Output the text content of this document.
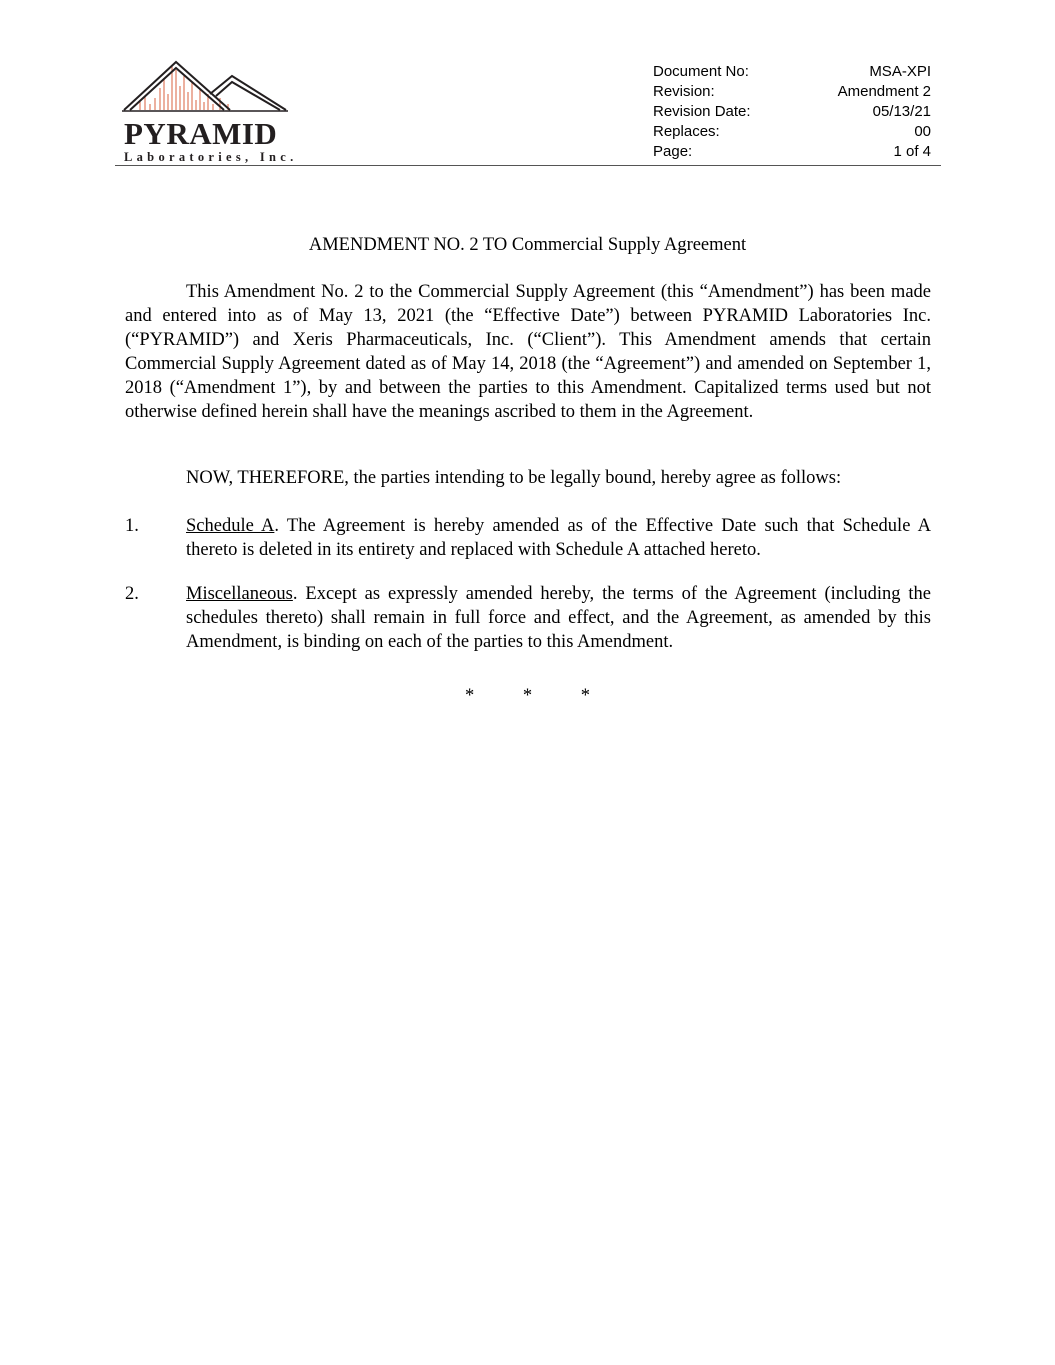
PYRAMID
Laboratories, Inc.
Document No:	MSA-XPI
Revision:	Amendment 2
Revision Date:	05/13/21
Replaces:	00
Page:	1 of 4
AMENDMENT NO. 2 TO Commercial Supply Agreement
This Amendment No. 2 to the Commercial Supply Agreement (this “Amendment”) has been made and entered into as of May 13, 2021 (the “Effective Date”) between PYRAMID Laboratories Inc. (“PYRAMID”) and Xeris Pharmaceuticals, Inc. (“Client”). This Amendment amends that certain Commercial Supply Agreement dated as of May 14, 2018 (the “Agreement”) and amended on September 1, 2018 (“Amendment 1”), by and between the parties to this Amendment. Capitalized terms used but not otherwise defined herein shall have the meanings ascribed to them in the Agreement.
NOW, THEREFORE, the parties intending to be legally bound, hereby agree as follows:
1.	Schedule A. The Agreement is hereby amended as of the Effective Date such that Schedule A thereto is deleted in its entirety and replaced with Schedule A attached hereto.
2.	Miscellaneous. Except as expressly amended hereby, the terms of the Agreement (including the schedules thereto) shall remain in full force and effect, and the Agreement, as amended by this Amendment, is binding on each of the parties to this Amendment.
* * *
